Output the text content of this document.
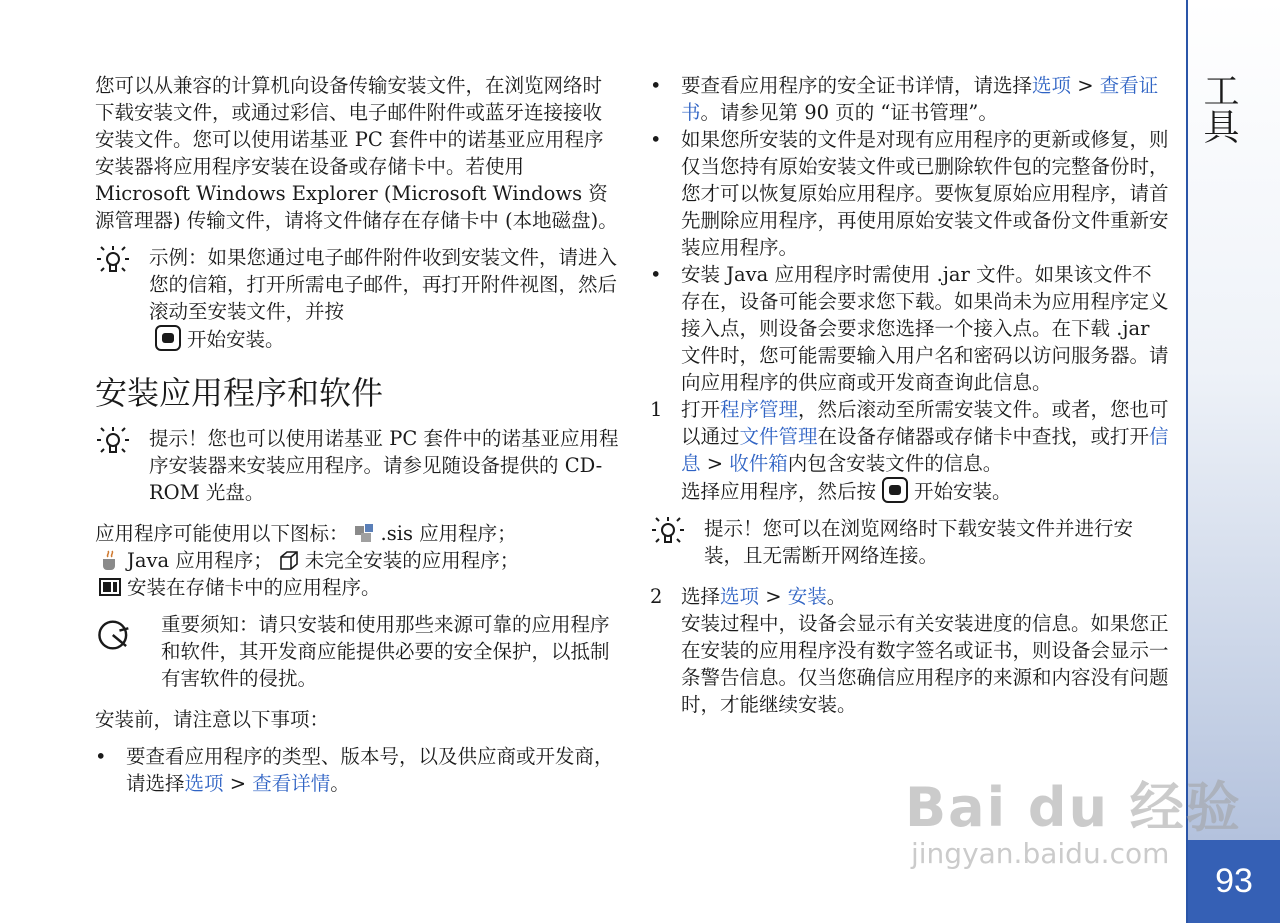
工具
93

您可以从兼容的计算机向设备传输安装文件，在浏览网络时下载安装文件，或通过彩信、电子邮件附件或蓝牙连接接收安装文件。您可以使用诺基亚 PC 套件中的诺基亚应用程序安装器将应用程序安装在设备或存储卡中。若使用 Microsoft Windows Explorer (Microsoft Windows 资源管理器) 传输文件，请将文件储存在存储卡中 (本地磁盘)。

示例：如果您通过电子邮件附件收到安装文件，请进入您的信箱，打开所需电子邮件，再打开附件视图，然后滚动至安装文件，并按
开始安装。
安装应用程序和软件
提示！您也可以使用诺基亚 PC 套件中的诺基亚应用程序安装器来安装应用程序。请参见随设备提供的 CD-ROM 光盘。

应用程序可能使用以下图标： .sis 应用程序；
Java 应用程序； 未完全安装的应用程序；
安装在存储卡中的应用程序。

重要须知：请只安装和使用那些来源可靠的应用程序和软件，其开发商应能提供必要的安全保护，以抵制有害软件的侵扰。

安装前，请注意以下事项：

• 要查看应用程序的类型、版本号，以及供应商或开发商，请选择选项 > 查看详情。
• 要查看应用程序的安全证书详情，请选择选项 > 查看证书。请参见第 90 页的 “证书管理”。
• 如果您所安装的文件是对现有应用程序的更新或修复，则仅当您持有原始安装文件或已删除软件包的完整备份时，您才可以恢复原始应用程序。要恢复原始应用程序，请首先删除应用程序，再使用原始安装文件或备份文件重新安装应用程序。
• 安装 Java 应用程序时需使用 .jar 文件。如果该文件不存在，设备可能会要求您下载。如果尚未为应用程序定义接入点，则设备会要求您选择一个接入点。在下载 .jar 文件时，您可能需要输入用户名和密码以访问服务器。请向应用程序的供应商或开发商查询此信息。
1 打开程序管理，然后滚动至所需安装文件。或者，您也可以通过文件管理在设备存储器或存储卡中查找，或打开信息 > 收件箱内包含安装文件的信息。
选择应用程序，然后按 开始安装。
提示！您可以在浏览网络时下载安装文件并进行安装，且无需断开网络连接。
2 选择选项 > 安装。
安装过程中，设备会显示有关安装进度的信息。如果您正在安装的应用程序没有数字签名或证书，则设备会显示一条警告信息。仅当您确信应用程序的来源和内容没有问题时，才能继续安装。
Bai du 经验
jingyan.baidu.com
